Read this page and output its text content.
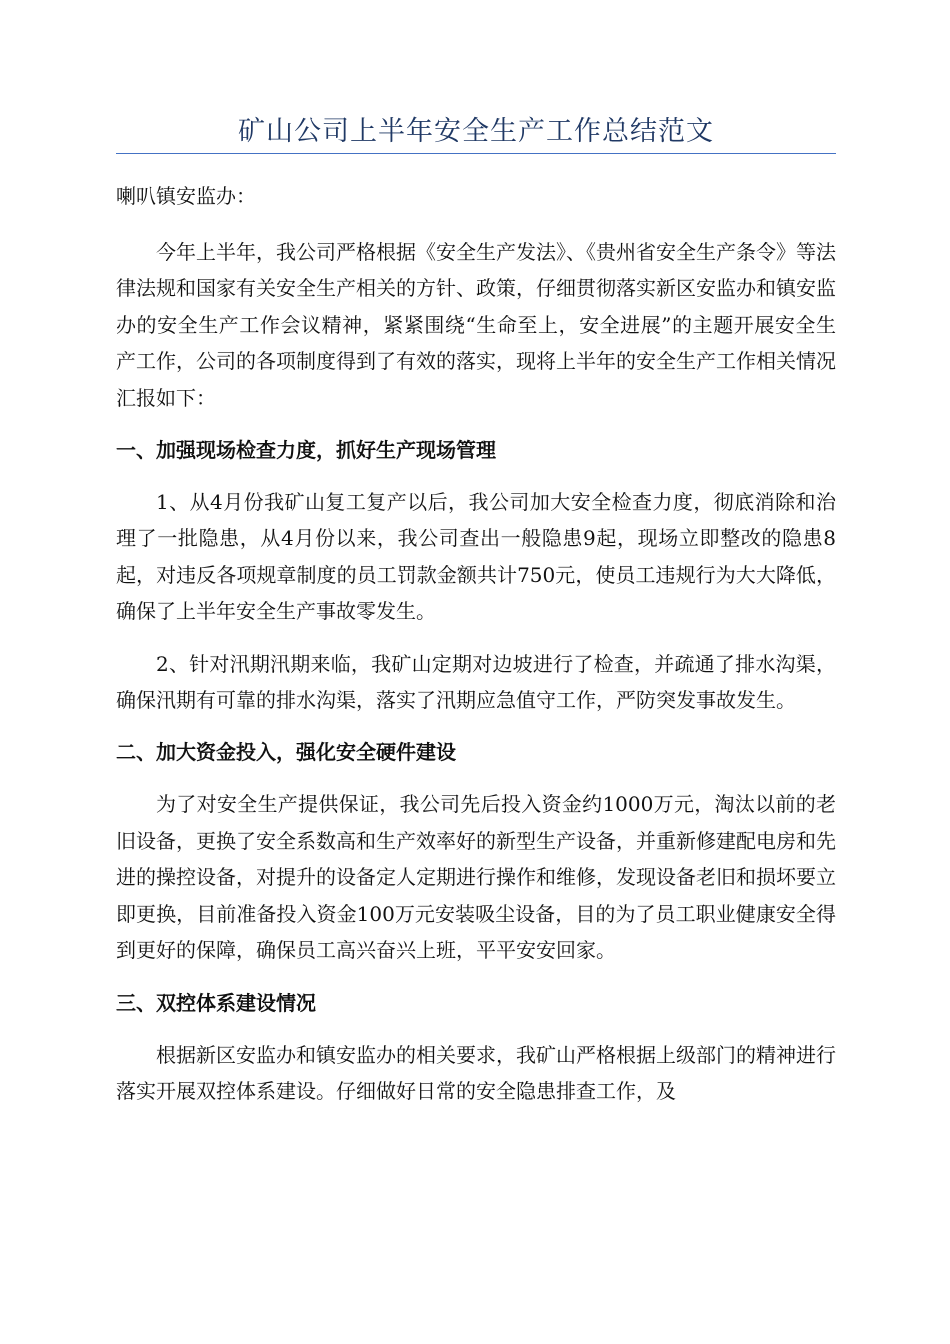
矿山公司上半年安全生产工作总结范文
喇叭镇安监办：

今年上半年，我公司严格根据《安全生产发法》、《贵州省安全生产条令》等法律法规和国家有关安全生产相关的方针、政策，仔细贯彻落实新区安监办和镇安监办的安全生产工作会议精神，紧紧围绕“生命至上，安全进展”的主题开展安全生产工作，公司的各项制度得到了有效的落实，现将上半年的安全生产工作相关情况汇报如下：

一、加强现场检查力度，抓好生产现场管理

1、从4月份我矿山复工复产以后，我公司加大安全检查力度，彻底消除和治理了一批隐患，从4月份以来，我公司查出一般隐患9起，现场立即整改的隐患8起，对违反各项规章制度的员工罚款金额共计750元，使员工违规行为大大降低，确保了上半年安全生产事故零发生。

2、针对汛期汛期来临，我矿山定期对边坡进行了检查，并疏通了排水沟渠，确保汛期有可靠的排水沟渠，落实了汛期应急值守工作，严防突发事故发生。

二、加大资金投入，强化安全硬件建设

为了对安全生产提供保证，我公司先后投入资金约1000万元，淘汰以前的老旧设备，更换了安全系数高和生产效率好的新型生产设备，并重新修建配电房和先进的操控设备，对提升的设备定人定期进行操作和维修，发现设备老旧和损坏要立即更换，目前准备投入资金100万元安装吸尘设备，目的为了员工职业健康安全得到更好的保障，确保员工高兴奋兴上班，平平安安回家。

三、双控体系建设情况

根据新区安监办和镇安监办的相关要求，我矿山严格根据上级部门的精神进行落实开展双控体系建设。仔细做好日常的安全隐患排查工作，及
